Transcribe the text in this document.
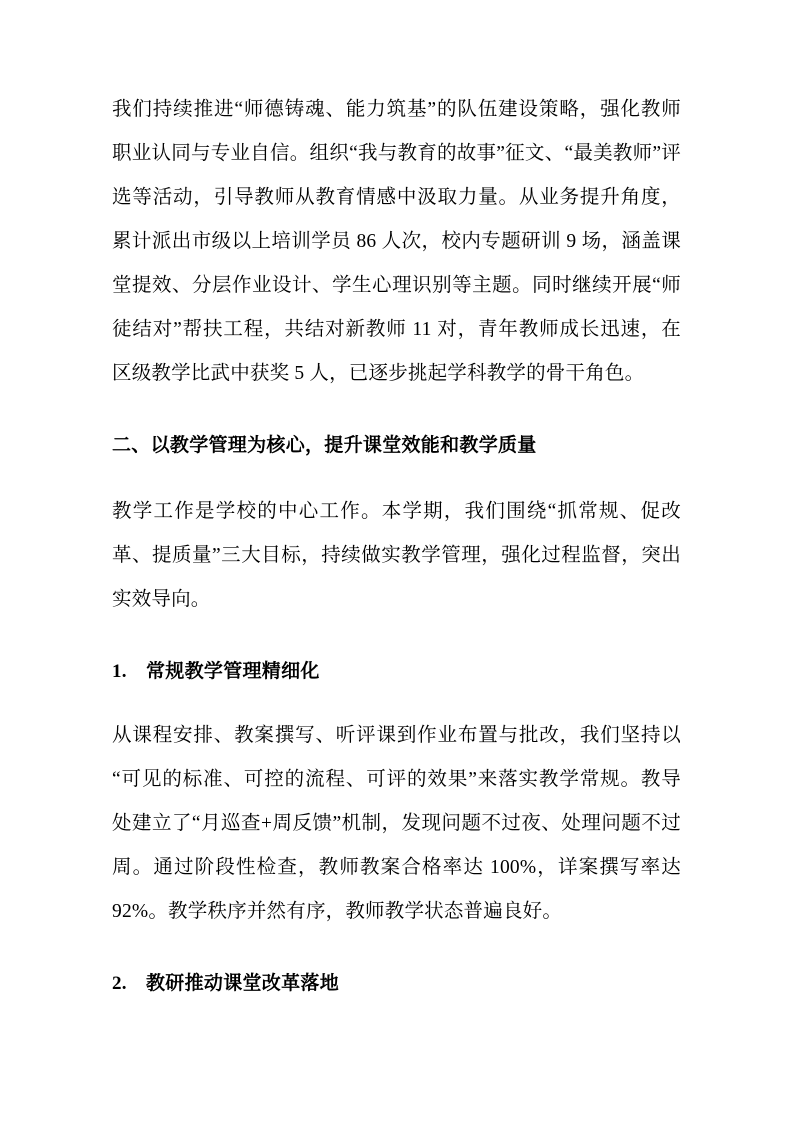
我们持续推进“师德铸魂、能力筑基”的队伍建设策略，强化教师职业认同与专业自信。组织“我与教育的故事”征文、“最美教师”评选等活动，引导教师从教育情感中汲取力量。从业务提升角度，累计派出市级以上培训学员 86 人次，校内专题研训 9 场，涵盖课堂提效、分层作业设计、学生心理识别等主题。同时继续开展“师徒结对”帮扶工程，共结对新教师 11 对，青年教师成长迅速，在区级教学比武中获奖 5 人，已逐步挑起学科教学的骨干角色。

二、以教学管理为核心，提升课堂效能和教学质量

教学工作是学校的中心工作。本学期，我们围绕“抓常规、促改革、提质量”三大目标，持续做实教学管理，强化过程监督，突出实效导向。

1.	常规教学管理精细化

从课程安排、教案撰写、听评课到作业布置与批改，我们坚持以“可见的标准、可控的流程、可评的效果”来落实教学常规。教导处建立了“月巡查+周反馈”机制，发现问题不过夜、处理问题不过周。通过阶段性检查，教师教案合格率达 100%，详案撰写率达 92%。教学秩序并然有序，教师教学状态普遍良好。

2.	教研推动课堂改革落地
